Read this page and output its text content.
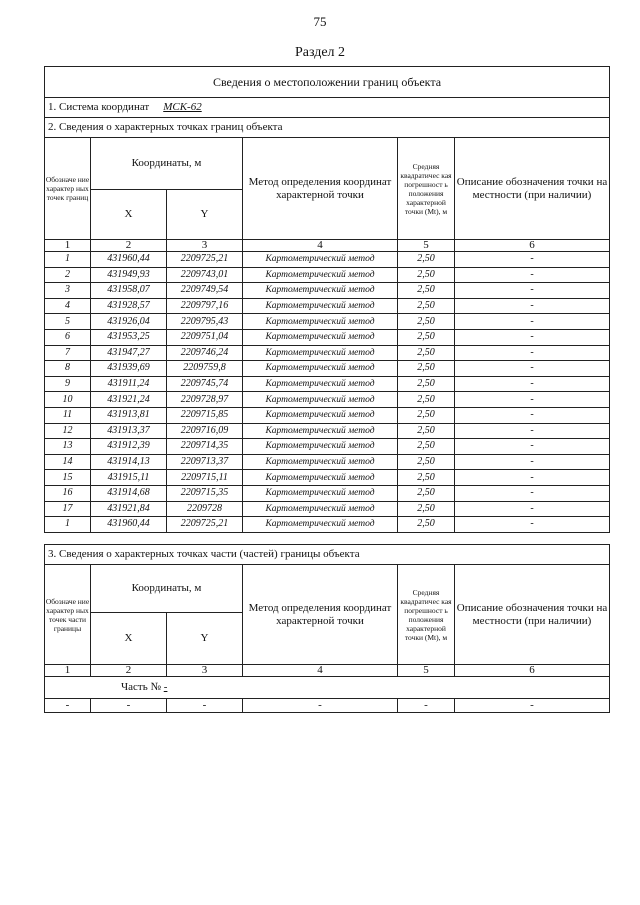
75
Раздел 2
Сведения о местоположении границ объекта					
1. Система координат МСК-62					
2. Сведения о характерных точках границ объекта					
Обозначе ние характер ных точек границ	Координаты, м		Метод определения координат характерной точки	Средняя квадратичес кая погрешност ь положения характерной точки (Mt), м	Описание обозначения точки на местности (при наличии)
	X	Y			
1	2	3	4	5	6
1	431960,44	2209725,21	Картометрический метод	2,50	-
2	431949,93	2209743,01	Картометрический метод	2,50	-
3	431958,07	2209749,54	Картометрический метод	2,50	-
4	431928,57	2209797,16	Картометрический метод	2,50	-
5	431926,04	2209795,43	Картометрический метод	2,50	-
6	431953,25	2209751,04	Картометрический метод	2,50	-
7	431947,27	2209746,24	Картометрический метод	2,50	-
8	431939,69	2209759,8	Картометрический метод	2,50	-
9	431911,24	2209745,74	Картометрический метод	2,50	-
10	431921,24	2209728,97	Картометрический метод	2,50	-
11	431913,81	2209715,85	Картометрический метод	2,50	-
12	431913,37	2209716,09	Картометрический метод	2,50	-
13	431912,39	2209714,35	Картометрический метод	2,50	-
14	431914,13	2209713,37	Картометрический метод	2,50	-
15	431915,11	2209715,11	Картометрический метод	2,50	-
16	431914,68	2209715,35	Картометрический метод	2,50	-
17	431921,84	2209728	Картометрический метод	2,50	-
1	431960,44	2209725,21	Картометрический метод	2,50	-
3. Сведения о характерных точках части (частей) границы объекта					
Обозначе ние характер ных точек части границы	Координаты, м		Метод определения координат характерной точки	Средняя квадратичес кая погрешност ь положения характерной точки (Mt), м	Описание обозначения точки на местности (при наличии)
	X	Y			
1	2	3	4	5	6
Часть № -					
-	-	-	-	-	-
